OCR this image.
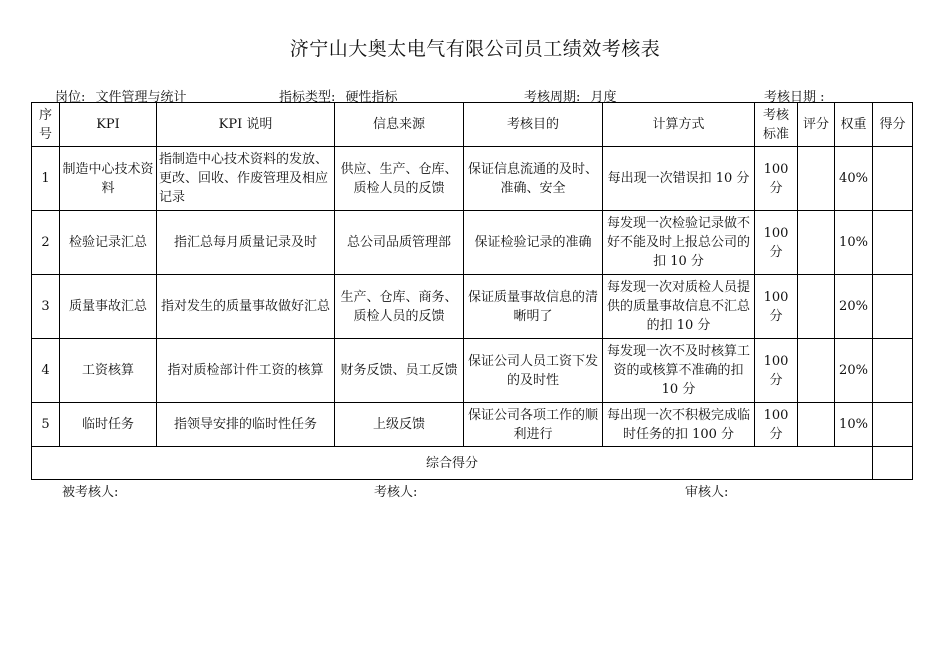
济宁山大奥太电气有限公司员工绩效考核表
岗位: 文件管理与统计	指标类型: 硬性指标	考核周期: 月度	考核日期 :
序号	KPI	KPI 说明	信息来源	考核目的	计算方式	考核标准	评分	权重	得分
1	制造中心技术资料	指制造中心技术资料的发放、更改、回收、作废管理及相应记录	供应、生产、仓库、质检人员的反馈	保证信息流通的及时、准确、安全	每出现一次错误扣 10 分	100 分		40%	
2	检验记录汇总	指汇总每月质量记录及时	总公司品质管理部	保证检验记录的准确	每发现一次检验记录做不好不能及时上报总公司的扣 10 分	100 分		10%	
3	质量事故汇总	指对发生的质量事故做好汇总	生产、仓库、商务、质检人员的反馈	保证质量事故信息的清晰明了	每发现一次对质检人员提供的质量事故信息不汇总的扣 10 分	100 分		20%	
4	工资核算	指对质检部计件工资的核算	财务反馈、员工反馈	保证公司人员工资下发的及时性	每发现一次不及时核算工资的或核算不准确的扣 10 分	100 分		20%	
5	临时任务	指领导安排的临时性任务	上级反馈	保证公司各项工作的顺利进行	每出现一次不积极完成临时任务的扣 100 分	100 分		10%	
综合得分									
被考核人:	考核人:	审核人:
